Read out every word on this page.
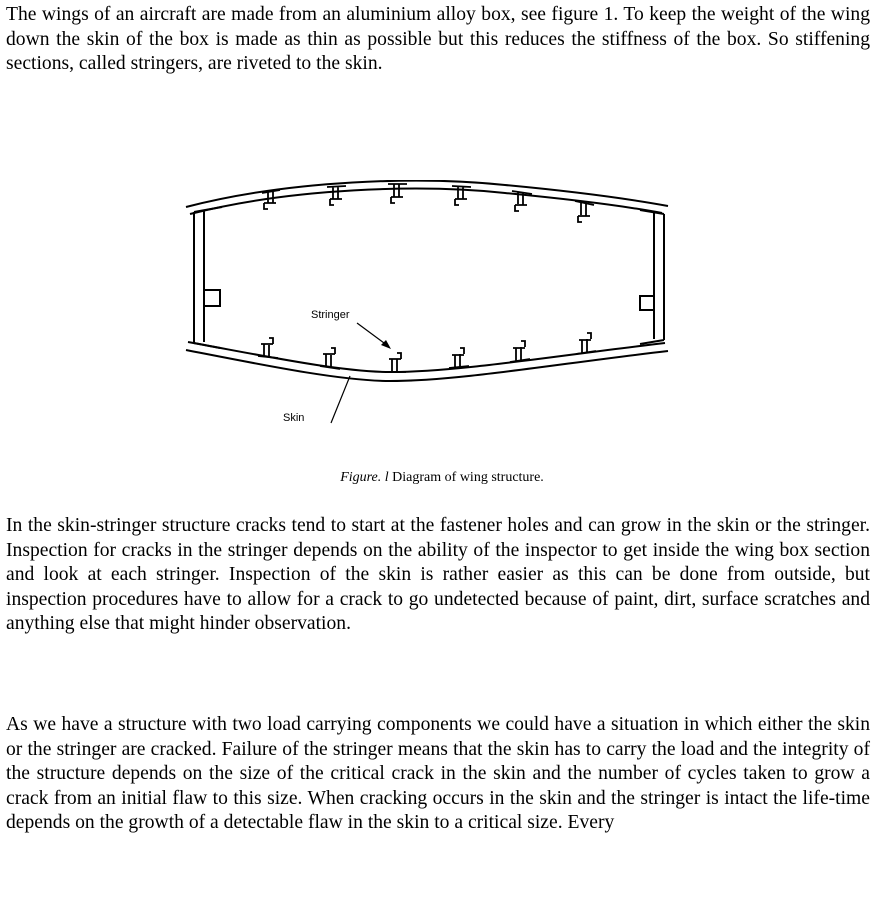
The wings of an aircraft are made from an aluminium alloy box, see figure 1. To keep the weight of the wing down the skin of the box is made as thin as possible but this reduces the stiffness of the box. So stiffening sections, called stringers, are riveted to the skin.

Stringer
Skin
Figure. l Diagram of wing structure.

In the skin-stringer structure cracks tend to start at the fastener holes and can grow in the skin or the stringer. Inspection for cracks in the stringer depends on the ability of the inspector to get inside the wing box section and look at each stringer. Inspection of the skin is rather easier as this can be done from outside, but inspection procedures have to allow for a crack to go undetected because of paint, dirt, surface scratches and anything else that might hinder observation.

As we have a structure with two load carrying components we could have a situation in which either the skin or the stringer are cracked. Failure of the stringer means that the skin has to carry the load and the integrity of the structure depends on the size of the critical crack in the skin and the number of cycles taken to grow a crack from an initial flaw to this size. When cracking occurs in the skin and the stringer is intact the life-time depends on the growth of a detectable flaw in the skin to a critical size. Every
